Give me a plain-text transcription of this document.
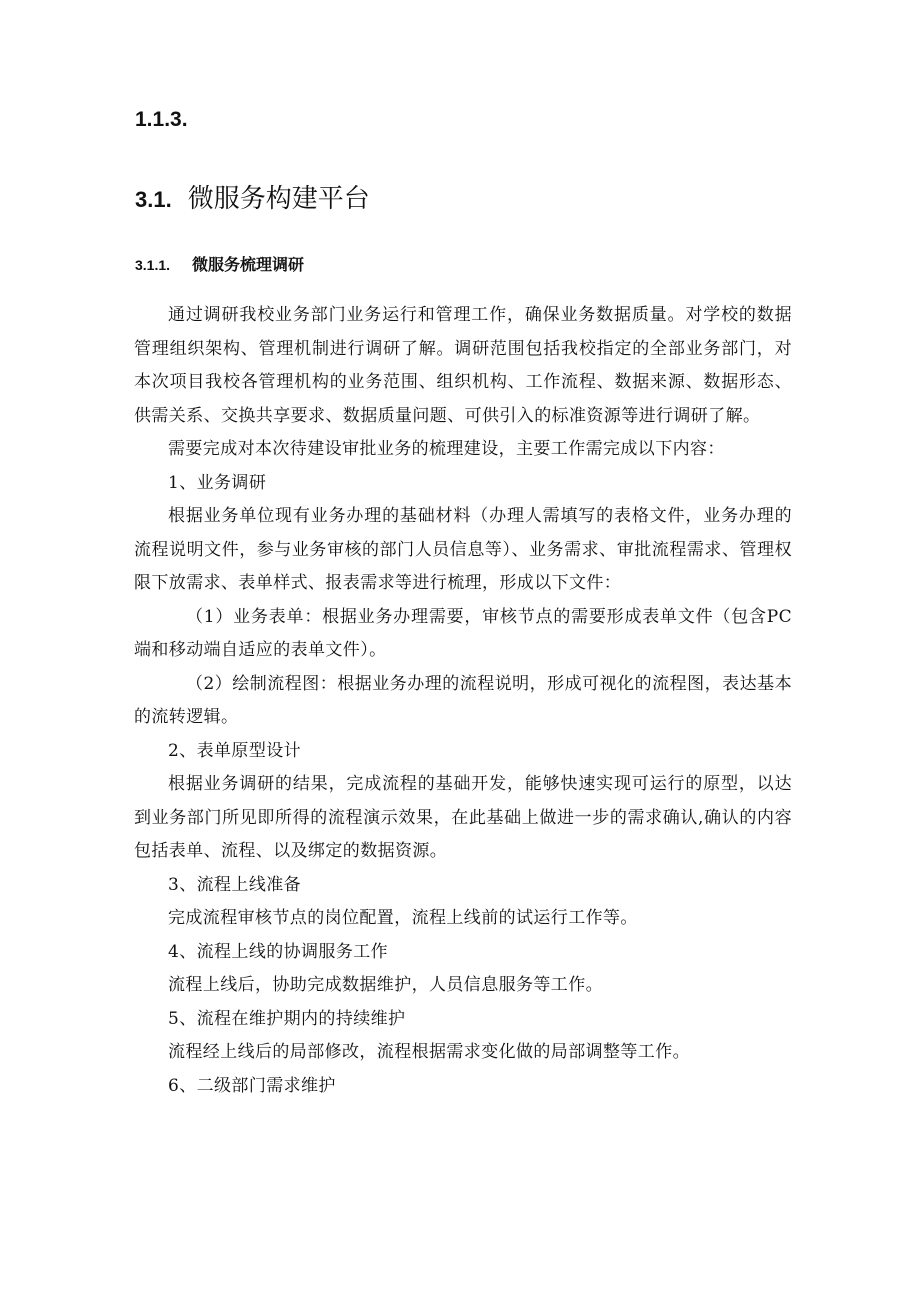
1.1.3.
3.1. 微服务构建平台
3.1.1. 微服务梳理调研

通过调研我校业务部门业务运行和管理工作，确保业务数据质量。对学校的数据管理组织架构、管理机制进行调研了解。调研范围包括我校指定的全部业务部门，对本次项目我校各管理机构的业务范围、组织机构、工作流程、数据来源、数据形态、供需关系、交换共享要求、数据质量问题、可供引入的标准资源等进行调研了解。

需要完成对本次待建设审批业务的梳理建设，主要工作需完成以下内容：

1、业务调研

根据业务单位现有业务办理的基础材料（办理人需填写的表格文件，业务办理的流程说明文件，参与业务审核的部门人员信息等）、业务需求、审批流程需求、管理权限下放需求、表单样式、报表需求等进行梳理，形成以下文件：

（1）业务表单：根据业务办理需要，审核节点的需要形成表单文件（包含PC端和移动端自适应的表单文件）。

（2）绘制流程图：根据业务办理的流程说明，形成可视化的流程图，表达基本的流转逻辑。

2、表单原型设计

根据业务调研的结果，完成流程的基础开发，能够快速实现可运行的原型，以达到业务部门所见即所得的流程演示效果，在此基础上做进一步的需求确认,确认的内容包括表单、流程、以及绑定的数据资源。

3、流程上线准备

完成流程审核节点的岗位配置，流程上线前的试运行工作等。

4、流程上线的协调服务工作

流程上线后，协助完成数据维护，人员信息服务等工作。

5、流程在维护期内的持续维护

流程经上线后的局部修改，流程根据需求变化做的局部调整等工作。

6、二级部门需求维护
